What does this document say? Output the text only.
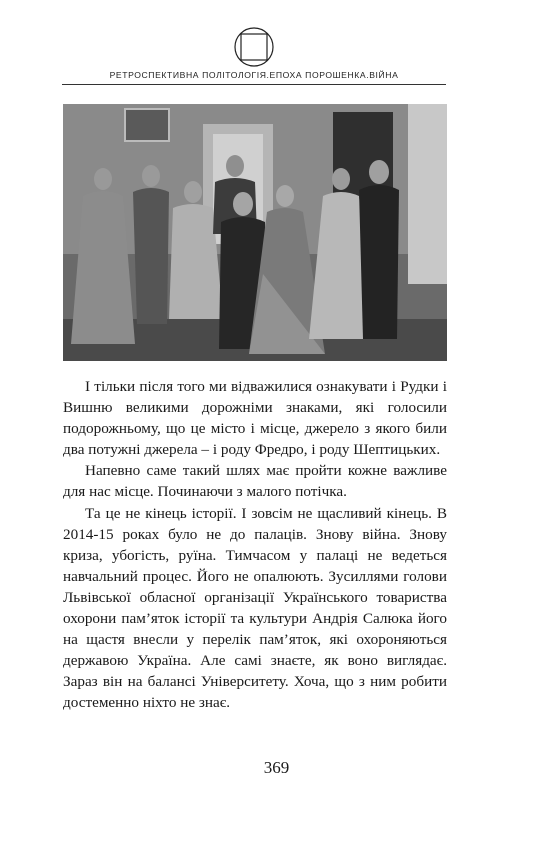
РЕТРОСПЕКТИВНА ПОЛІТОЛОГІЯ.ЕПОХА ПОРОШЕНКА.ВІЙНА

І тільки після того ми відважилися ознакувати і Рудки і Вишню великими дорожніми знаками, які голосили подорожньому, що це місто і місце, джерело з якого били два потужні джерела – і роду Фредро, і роду Шептицьких.

Напевно саме такий шлях має пройти кожне важливе для нас місце. Починаючи з малого потічка.

Та це не кінець історії. І зовсім не щасливий кінець. В 2014-15 роках було не до палаців. Знову війна. Знову криза, убогість, руїна. Тимчасом у палаці не ведеться навчальний процес. Його не опалюють. Зусиллями голови Львівської обласної організації Українського товариства охорони пам’яток історії та культури Андрія Салюка його на щастя внесли у перелік пам’яток, які охороняються державою Україна. Але самі знаєте, як воно виглядає. Зараз він на балансі Університету. Хоча, що з ним робити достеменно ніхто не знає.

369
